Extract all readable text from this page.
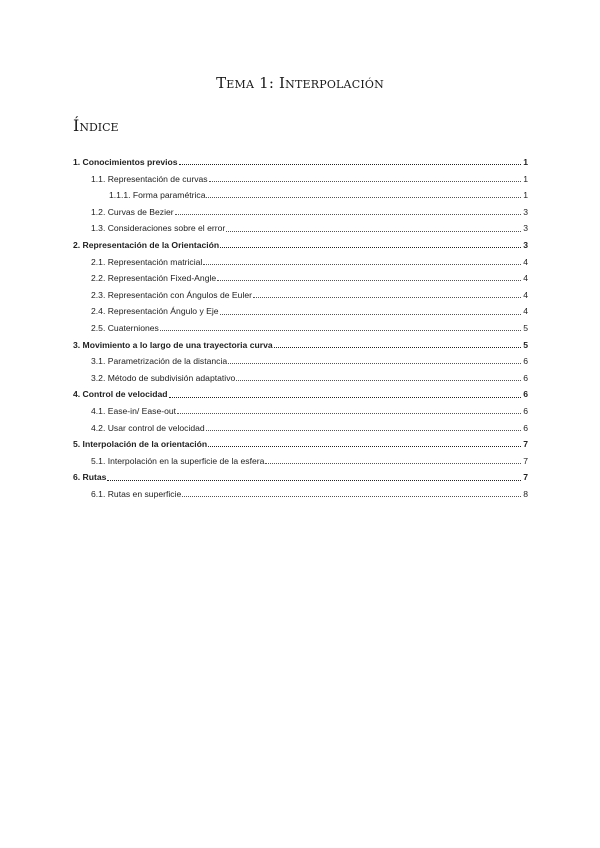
Tema 1: Interpolación
Índice
1. Conocimientos previos	1
1.1. Representación de curvas	1
1.1.1. Forma paramétrica	1
1.2. Curvas de Bezier	3
1.3. Consideraciones sobre el error	3
2. Representación de la Orientación	3
2.1. Representación matricial	4
2.2. Representación Fixed-Angle	4
2.3. Representación con Ángulos de Euler	4
2.4. Representación Ángulo y Eje	4
2.5. Cuaterniones	5
3. Movimiento a lo largo de una trayectoria curva	5
3.1. Parametrización de la distancia	6
3.2. Método de subdivisión adaptativo	6
4. Control de velocidad	6
4.1. Ease-in/ Ease-out	6
4.2. Usar control de velocidad	6
5. Interpolación de la orientación	7
5.1. Interpolación en la superficie de la esfera	7
6. Rutas	7
6.1. Rutas en superficie	8
